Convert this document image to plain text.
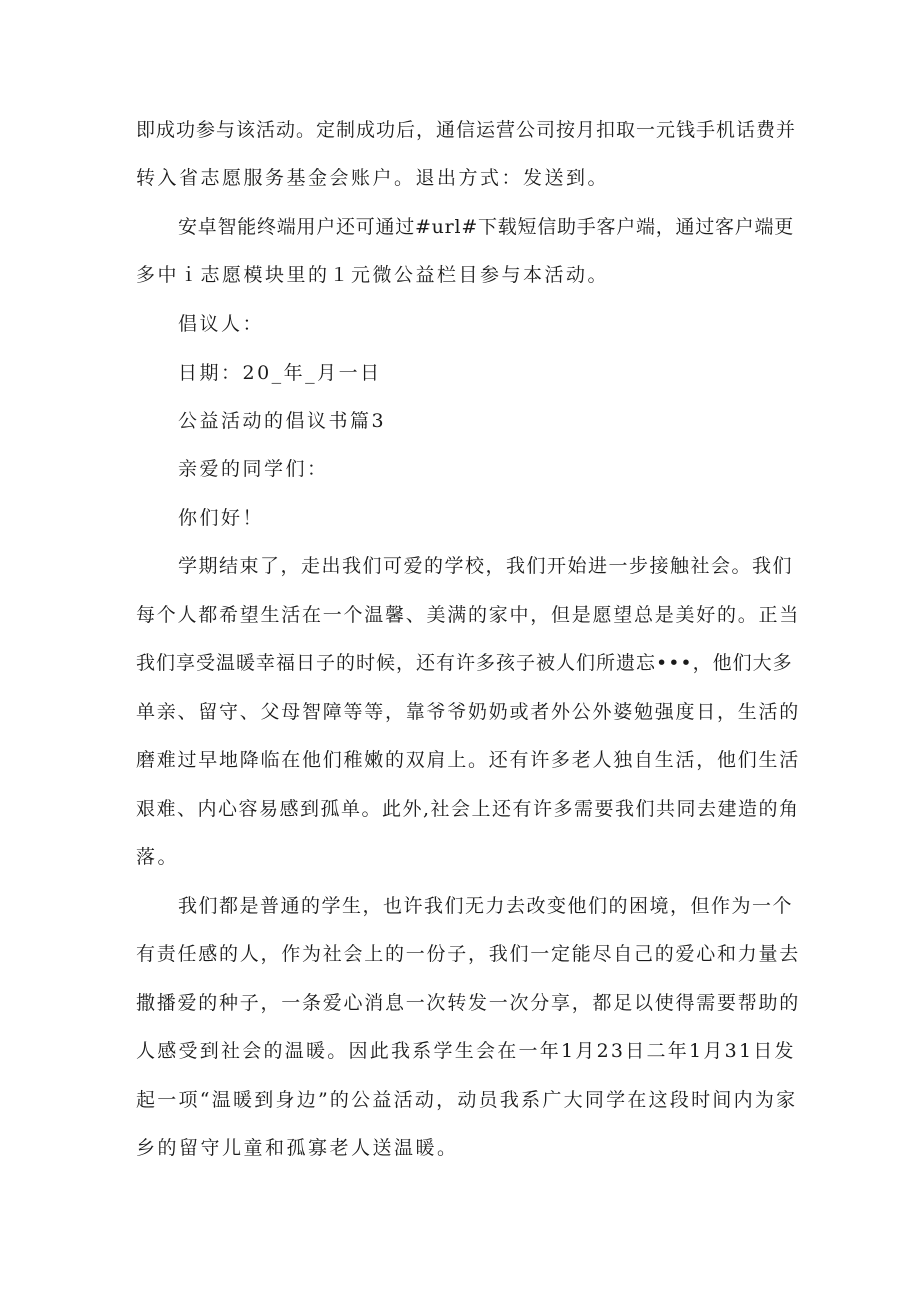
即成功参与该活动。定制成功后，通信运营公司按月扣取一元钱手机话费并

转入省志愿服务基金会账户。退出方式：发送到。

安卓智能终端用户还可通过#url#下载短信助手客户端，通过客户端更

多中ｉ志愿模块里的１元微公益栏目参与本活动。

倡议人：

日期：20_年_月一日

公益活动的倡议书篇3

亲爱的同学们：

你们好！

学期结束了，走出我们可爱的学校，我们开始进一步接触社会。我们

每个人都希望生活在一个温馨、美满的家中，但是愿望总是美好的。正当

我们享受温暖幸福日子的时候，还有许多孩子被人们所遗忘•••，他们大多

单亲、留守、父母智障等等，靠爷爷奶奶或者外公外婆勉强度日，生活的

磨难过早地降临在他们稚嫩的双肩上。还有许多老人独自生活，他们生活

艰难、内心容易感到孤单。此外,社会上还有许多需要我们共同去建造的角

落。

我们都是普通的学生，也许我们无力去改变他们的困境，但作为一个

有责任感的人，作为社会上的一份子，我们一定能尽自己的爱心和力量去

撒播爱的种子，一条爱心消息一次转发一次分享，都足以使得需要帮助的

人感受到社会的温暖。因此我系学生会在一年1月23日二年1月31日发

起一项“温暖到身边”的公益活动，动员我系广大同学在这段时间内为家

乡的留守儿童和孤寡老人送温暖。
